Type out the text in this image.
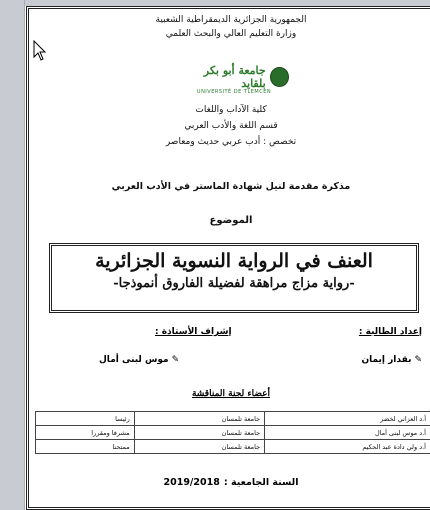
الجمهورية الجزائرية الديمقراطية الشعبية
وزارة التعليم العالي والبحث العلمي
جامعة أبو بكر بلقايد
UNIVERSITÉ DE TLEMCEN
كلية الآداب واللغات
قسم اللغة والأدب العربي
تخصص : أدب عربي حديث ومعاصر
مذكرة مقدمة لنيل شهادة الماستر في الأدب العربي
الموضوع
العنف في الرواية النسوية الجزائرية
-رواية مزاج مراهقة لفضيلة الفاروق أنموذجا-
إعداد الطالبة :
إشراف الأستاذة :
✎
بقدار إيمان
✎
موس لبنى أمال
أعضاء لجنة المناقشة
أ.د العزاني لخضر	جامعة تلمسان	رئيسا
أ.د موس لبنى أمال	جامعة تلمسان	مشرفا ومقررا
أ.د ولي دادة عبد الحكيم	جامعة تلمسان	ممتحنا
السنة الجامعية :
2019/2018
